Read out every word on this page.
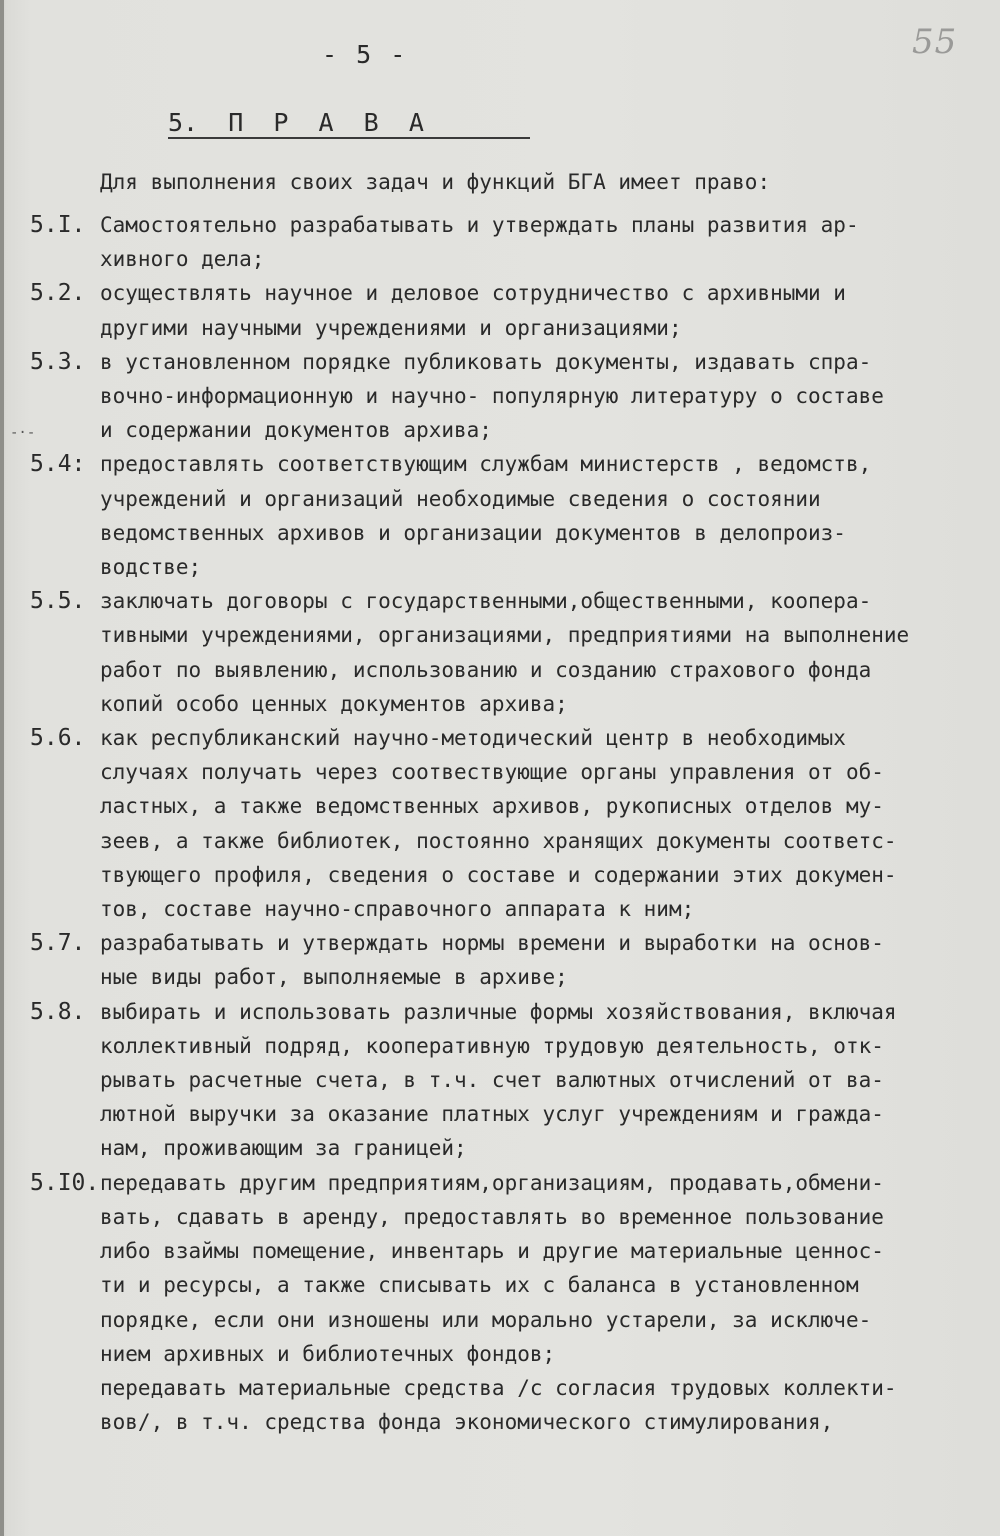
- 5 -	55
5.  П  Р  А  В  А
Для выполнения своих задач и функций БГА имеет право:
-·-
5.I. Самостоятельно разрабатывать и утверждать планы развития ар-
хивного дела;
5.2. осуществлять научное и деловое сотрудничество с архивными и
другими научными учреждениями и организациями;
5.3. в установленном порядке публиковать документы, издавать спра-
вочно-информационную и научно- популярную литературу о составе
и содержании документов архива;
5.4: предоставлять соответствующим службам министерств , ведомств,
учреждений и организаций необходимые сведения о состоянии
ведомственных архивов и организации документов в делопроиз-
водстве;
5.5. заключать договоры с государственными,общественными, коопера-
тивными учреждениями, организациями, предприятиями на выполнение
работ по выявлению, использованию и созданию страхового фонда
копий особо ценных документов архива;
5.6. как республиканский научно-методический центр в необходимых
случаях получать через соотвествующие органы управления от об-
ластных, а также ведомственных архивов, рукописных отделов му-
зеев, а также библиотек, постоянно хранящих документы соответс-
твующего профиля, сведения о составе и содержании этих докумен-
тов, составе научно-справочного аппарата к ним;
5.7. разрабатывать и утверждать нормы времени и выработки на основ-
ные виды работ, выполняемые в архиве;
5.8. выбирать и использовать различные формы хозяйствования, включая
коллективный подряд, кооперативную трудовую деятельность, отк-
рывать расчетные счета, в т.ч. счет валютных отчислений от ва-
лютной выручки за оказание платных услуг учреждениям и гражда-
нам, проживающим за границей;
5.I0. передавать другим предприятиям,организациям, продавать,обмени-
вать, сдавать в аренду, предоставлять во временное пользование
либо взаймы помещение, инвентарь и другие материальные ценнос-
ти и ресурсы, а также списывать их с баланса в установленном
порядке, если они изношены или морально устарели, за исключе-
нием архивных и библиотечных фондов;
передавать материальные средства /с согласия трудовых коллекти-
вов/, в т.ч. средства фонда экономического стимулирования,
